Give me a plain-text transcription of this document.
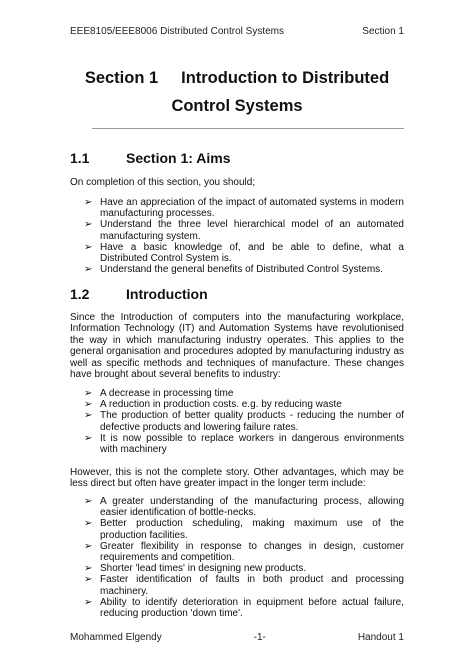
EEE8105/EEE8006 Distributed Control Systems	Section 1
Section 1     Introduction to Distributed
Control Systems
1.1	Section 1: Aims
On completion of this section, you should;
➢ Have an appreciation of the impact of automated systems in modern manufacturing processes.
➢ Understand the three level hierarchical model of an automated manufacturing system.
➢ Have a basic knowledge of, and be able to define, what a Distributed Control System is.
➢ Understand the general benefits of Distributed Control Systems.
1.2	Introduction
Since the Introduction of computers into the manufacturing workplace, Information Technology (IT) and Automation Systems have revolutionised the way in which manufacturing industry operates. This applies to the general organisation and procedures adopted by manufacturing industry as well as specific methods and techniques of manufacture. These changes have brought about several benefits to industry:
➢ A decrease in processing time
➢ A reduction in production costs. e.g. by reducing waste
➢ The production of better quality products - reducing the number of defective products and lowering failure rates.
➢ It is now possible to replace workers in dangerous environments with machinery
However, this is not the complete story. Other advantages, which may be less direct but often have greater impact in the longer term include:
➢ A greater understanding of the manufacturing process, allowing easier identification of bottle-necks.
➢ Better production scheduling, making maximum use of the production facilities.
➢ Greater flexibility in response to changes in design, customer requirements and competition.
➢ Shorter 'lead times' in designing new products.
➢ Faster identification of faults in both product and processing machinery.
➢ Ability to identify deterioration in equipment before actual failure, reducing production 'down time'.
Mohammed Elgendy	-1-	Handout 1
